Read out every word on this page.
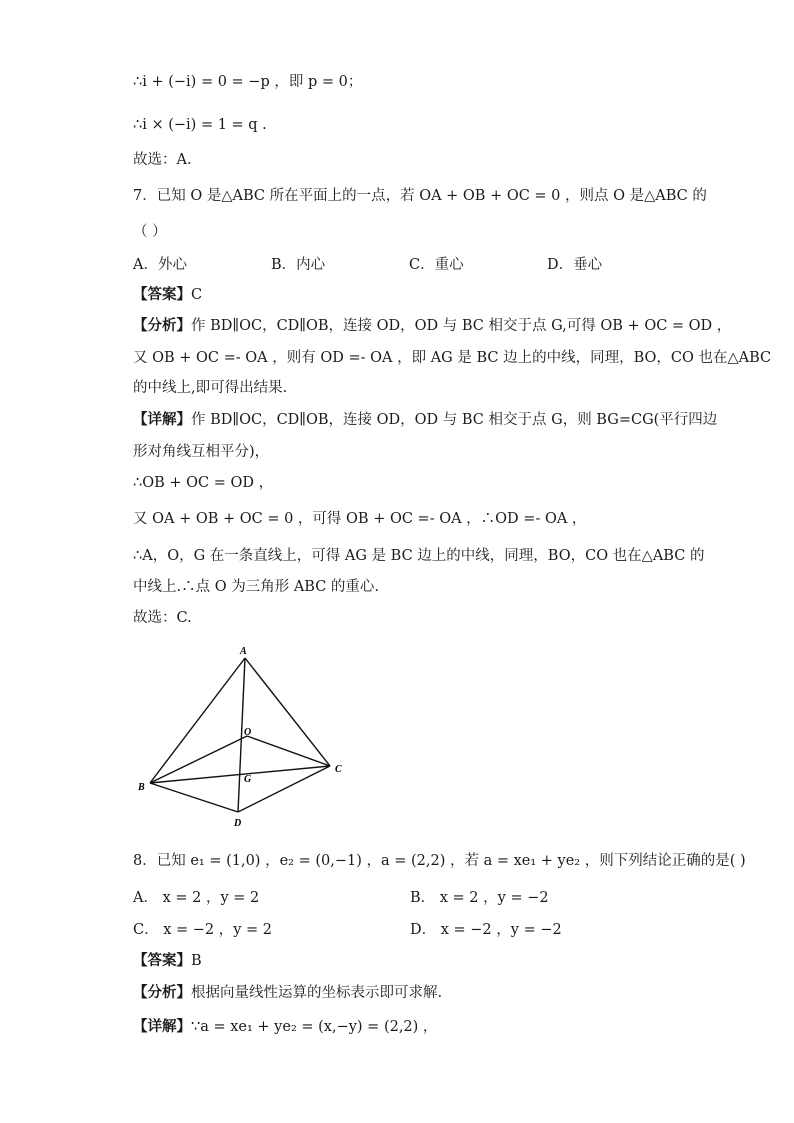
∴i + (−i) = 0 = −p ，即 p = 0；
∴i × (−i) = 1 = q .
故选：A.
7．已知 O 是△ABC 所在平面上的一点，若 OA + OB + OC = 0 ，则点 O 是△ABC 的
（ ）
A．外心	B．内心	C．重心	D．垂心
【答案】C
【分析】作 BD∥OC，CD∥OB，连接 OD，OD 与 BC 相交于点 G,可得 OB + OC = OD ，
又 OB + OC =- OA ，则有 OD =- OA ，即 AG 是 BC 边上的中线，同理，BO，CO 也在△ABC
的中线上,即可得出结果.
【详解】作 BD∥OC，CD∥OB，连接 OD，OD 与 BC 相交于点 G，则 BG=CG(平行四边
形对角线互相平分)，
∴OB + OC = OD ，
又 OA + OB + OC = 0 ，可得 OB + OC =- OA ，∴OD =- OA ，
∴A，O，G 在一条直线上，可得 AG 是 BC 边上的中线，同理，BO，CO 也在△ABC 的
中线上.∴点 O 为三角形 ABC 的重心.
故选：C.
A
O
G
B
C
D
8．已知 e₁ = (1,0) ，e₂ = (0,−1) ，a = (2,2) ，若 a = xe₁ + ye₂ ，则下列结论正确的是( )
A． x = 2 ，y = 2	B． x = 2 ，y = −2
C． x = −2 ，y = 2	D． x = −2 ，y = −2
【答案】B
【分析】根据向量线性运算的坐标表示即可求解.
【详解】∵a = xe₁ + ye₂ = (x,−y) = (2,2) ，
